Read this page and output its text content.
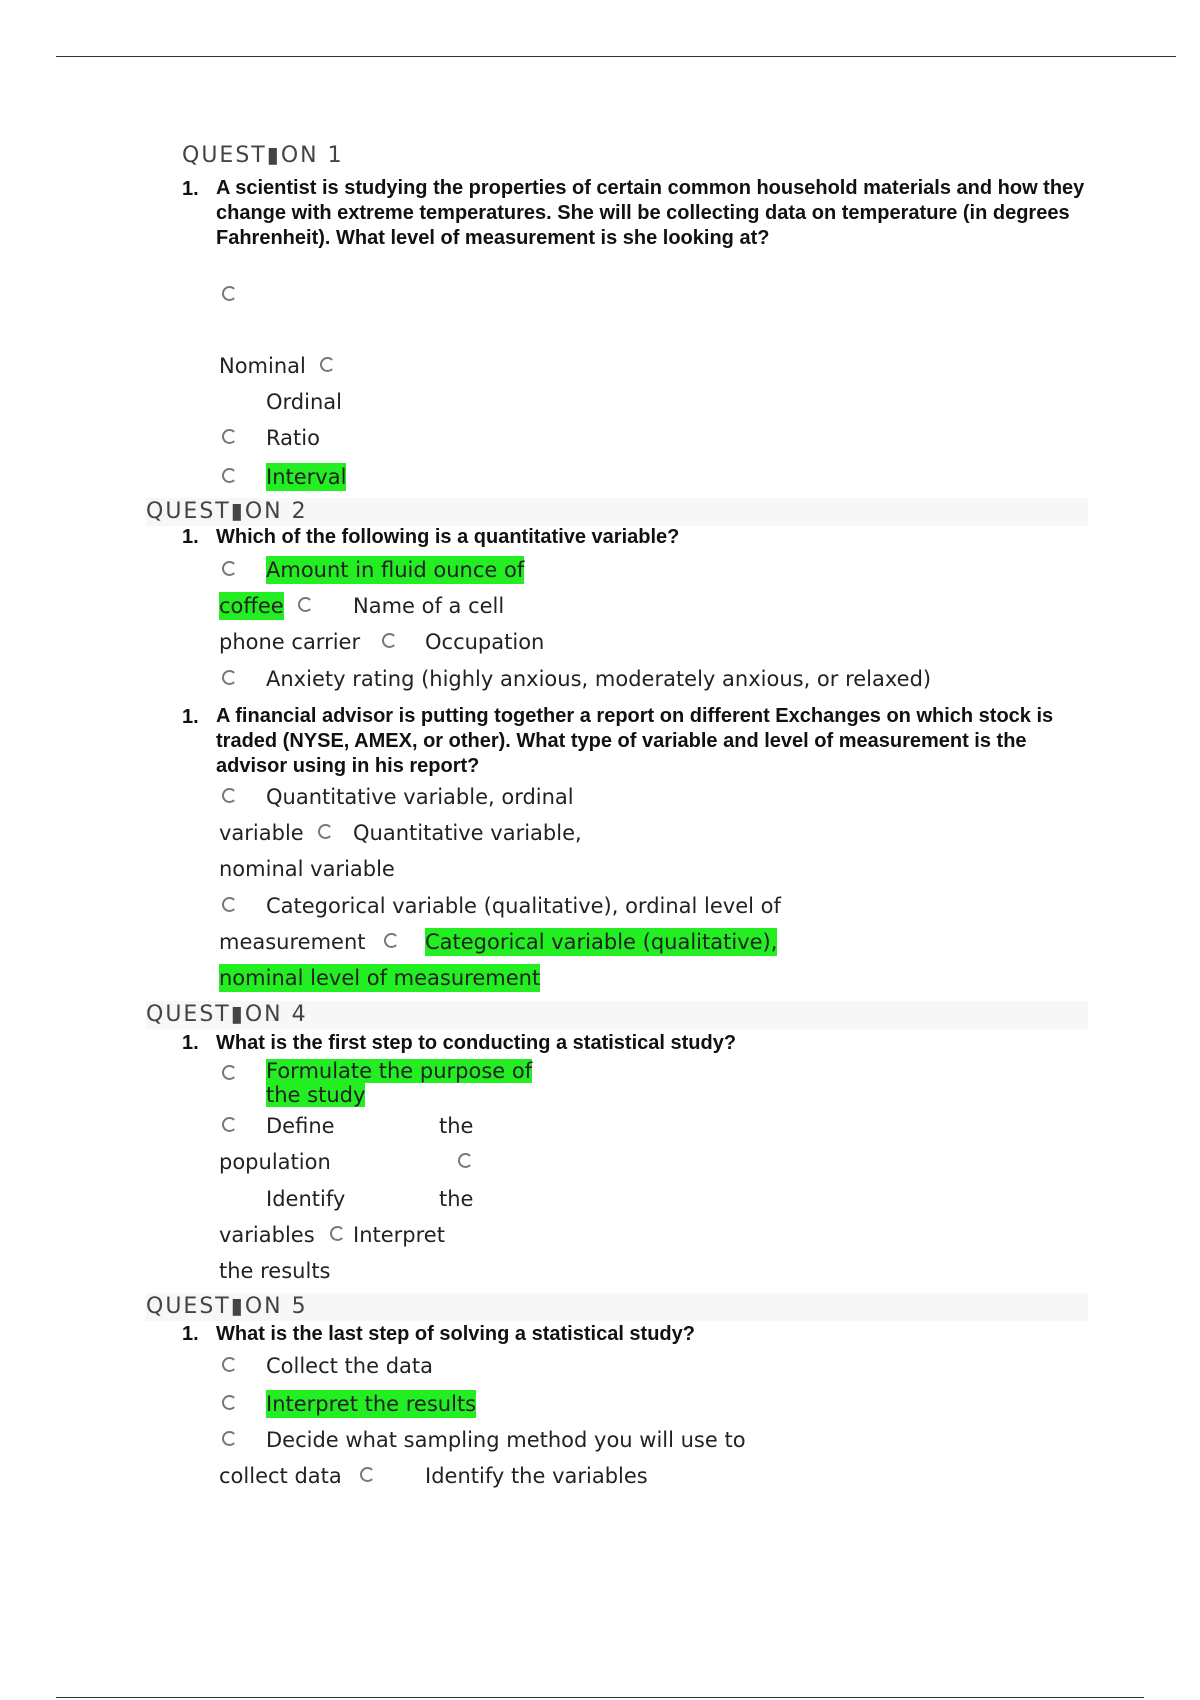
QUEST▮ON 1
1. A scientist is studying the properties of certain common household materials and how they change with extreme temperatures. She will be collecting data on temperature (in degrees Fahrenheit). What level of measurement is she looking at?
Nominal
Ordinal
Ratio
Interval
QUEST▮ON 2
1. Which of the following is a quantitative variable?
Amount in fluid ounce of
coffee	Name of a cell
phone carrier	Occupation
Anxiety rating (highly anxious, moderately anxious, or relaxed)
1. A financial advisor is putting together a report on different Exchanges on which stock is traded (NYSE, AMEX, or other). What type of variable and level of measurement is the advisor using in his report?
Quantitative variable, ordinal
variable Quantitative variable,
nominal variable
Categorical variable (qualitative), ordinal level of
measurement	Categorical variable (qualitative),
nominal level of measurement
QUEST▮ON 4
1. What is the first step to conducting a statistical study?
Formulate the purpose of
the study
Define	the
population
Identify	the
variables Interpret
the results
QUEST▮ON 5
1. What is the last step of solving a statistical study?
Collect the data
Interpret the results
Decide what sampling method you will use to
collect data	Identify the variables
